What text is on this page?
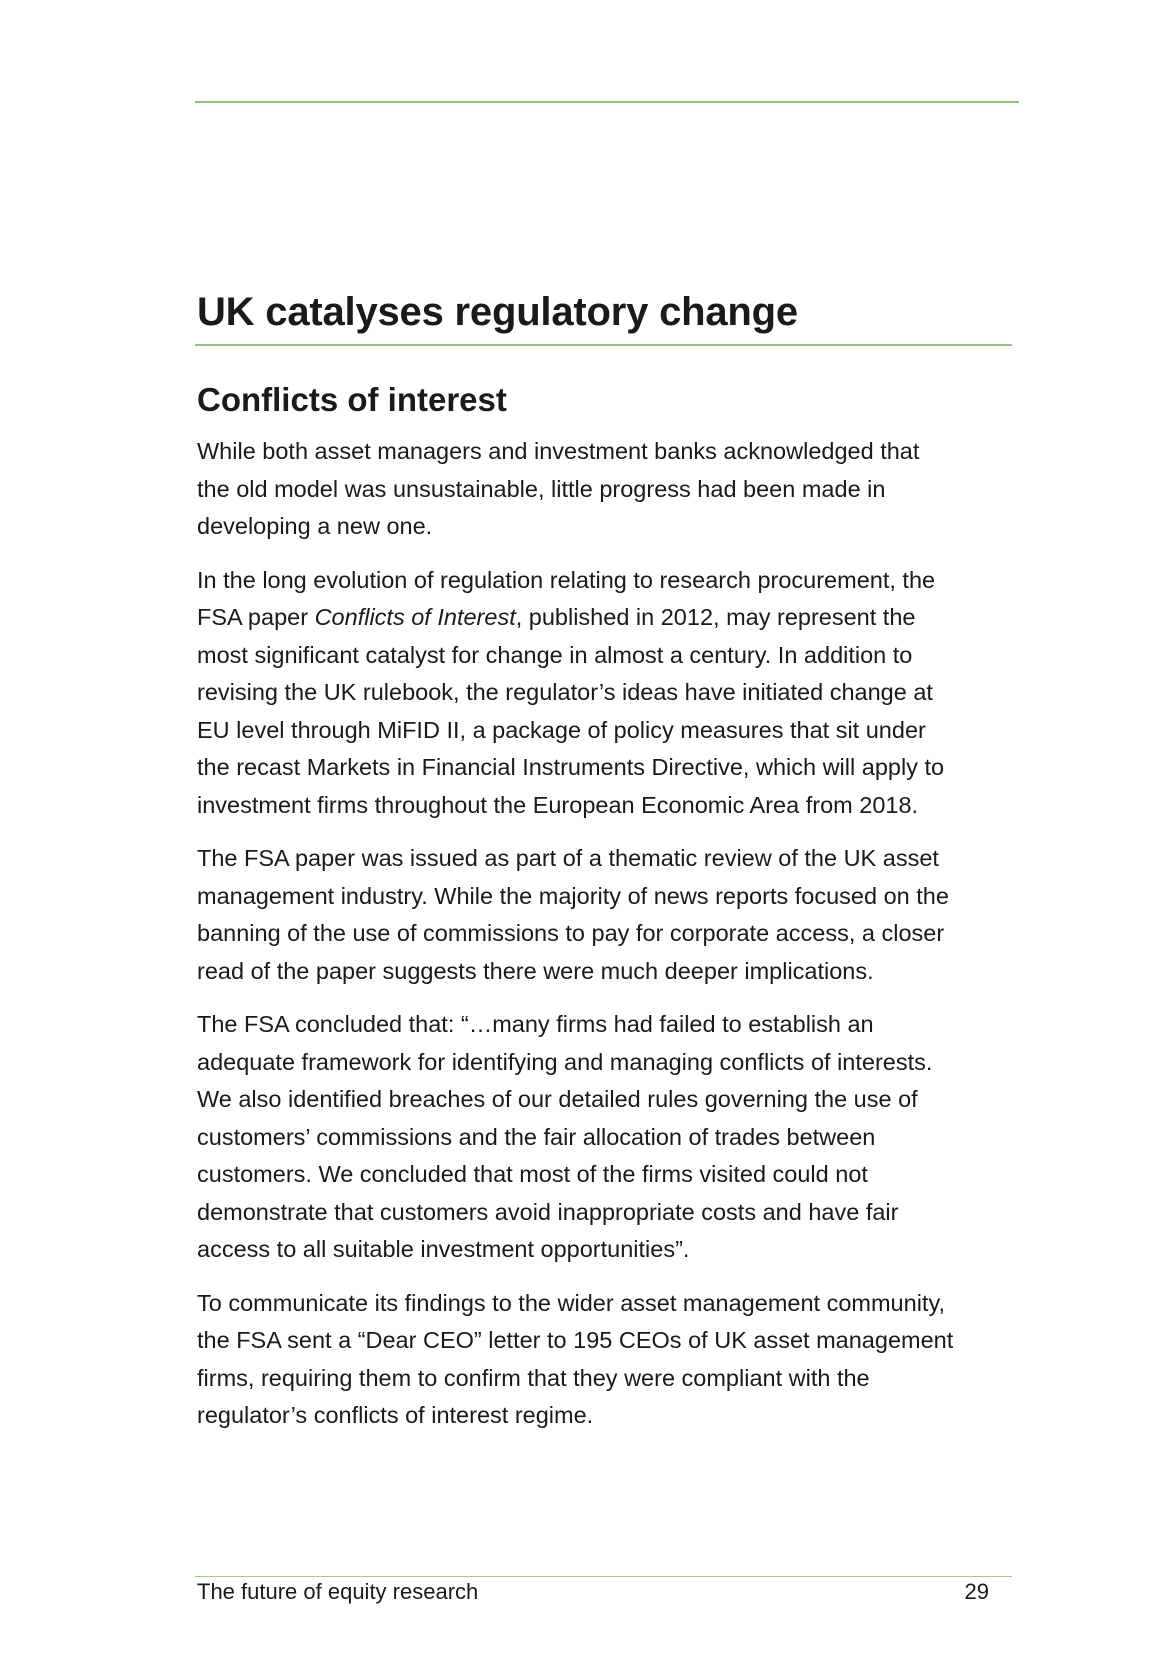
UK catalyses regulatory change
Conflicts of interest

While both asset managers and investment banks acknowledged that
the old model was unsustainable, little progress had been made in
developing a new one.

In the long evolution of regulation relating to research procurement, the
FSA paper Conflicts of Interest, published in 2012, may represent the
most significant catalyst for change in almost a century. In addition to
revising the UK rulebook, the regulator’s ideas have initiated change at
EU level through MiFID II, a package of policy measures that sit under
the recast Markets in Financial Instruments Directive, which will apply to
investment firms throughout the European Economic Area from 2018.

The FSA paper was issued as part of a thematic review of the UK asset
management industry. While the majority of news reports focused on the
banning of the use of commissions to pay for corporate access, a closer
read of the paper suggests there were much deeper implications.

The FSA concluded that: “…many firms had failed to establish an
adequate framework for identifying and managing conflicts of interests.
We also identified breaches of our detailed rules governing the use of
customers’ commissions and the fair allocation of trades between
customers. We concluded that most of the firms visited could not
demonstrate that customers avoid inappropriate costs and have fair
access to all suitable investment opportunities”.

To communicate its findings to the wider asset management community,
the FSA sent a “Dear CEO” letter to 195 CEOs of UK asset management
firms, requiring them to confirm that they were compliant with the
regulator’s conflicts of interest regime.

The future of equity research	29
